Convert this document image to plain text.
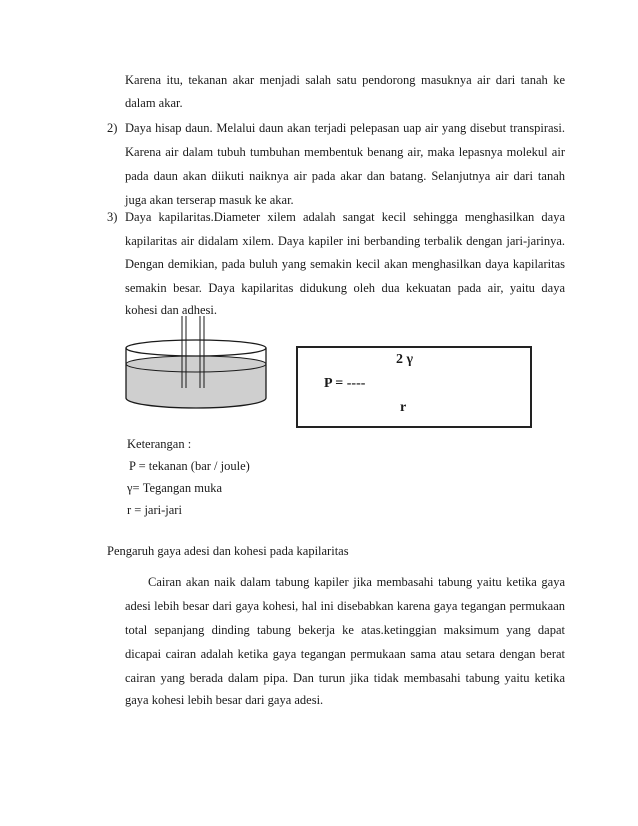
Karena itu, tekanan akar menjadi salah satu pendorong masuknya air dari tanah ke
dalam akar.
2) Daya hisap daun. Melalui daun akan terjadi pelepasan uap air yang disebut transpirasi.
Karena air dalam tubuh tumbuhan membentuk benang air, maka lepasnya molekul air
pada daun akan diikuti naiknya air pada akar dan batang. Selanjutnya air dari tanah
juga akan terserap masuk ke akar.
3) Daya kapilaritas.Diameter xilem adalah sangat kecil sehingga menghasilkan daya
kapilaritas air didalam xilem. Daya kapiler ini berbanding terbalik dengan jari-jarinya.
Dengan demikian, pada buluh yang semakin kecil akan menghasilkan daya kapilaritas
semakin besar. Daya kapilaritas didukung oleh dua kekuatan pada air, yaitu daya
kohesi dan adhesi.
2 γ
P = ----
r
Keterangan :
P = tekanan (bar / joule)
γ= Tegangan muka
r = jari-jari
Pengaruh gaya adesi dan kohesi pada kapilaritas
Cairan akan naik dalam tabung kapiler jika membasahi tabung yaitu ketika gaya
adesi lebih besar dari gaya kohesi, hal ini disebabkan karena gaya tegangan permukaan
total sepanjang dinding tabung bekerja ke atas.ketinggian maksimum yang dapat
dicapai cairan adalah ketika gaya tegangan permukaan sama atau setara dengan berat
cairan yang berada dalam pipa. Dan turun jika tidak membasahi tabung yaitu ketika
gaya kohesi lebih besar dari gaya adesi.
